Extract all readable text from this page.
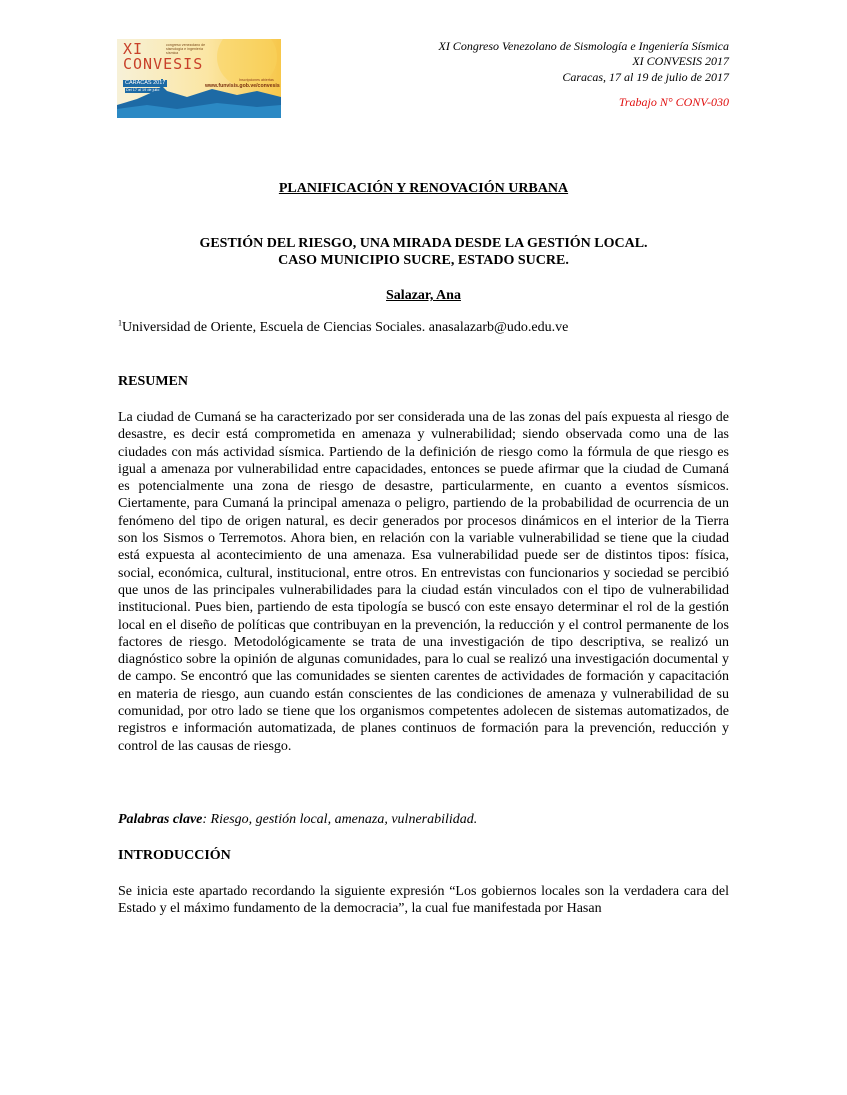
XI
CONVESIS
congreso venezolano de sismología e ingeniería sísmica
CARACAS 2017
Del 17 al 19 de julio
Inscripciones abiertas
www.funvisis.gob.ve/convesis
XI Congreso Venezolano de Sismología e Ingeniería Sísmica
XI CONVESIS 2017
Caracas, 17 al 19 de julio de 2017
Trabajo N° CONV-030
PLANIFICACIÓN Y RENOVACIÓN URBANA
GESTIÓN DEL RIESGO, UNA MIRADA DESDE LA GESTIÓN LOCAL.
CASO MUNICIPIO SUCRE, ESTADO SUCRE.
Salazar, Ana
$^1$Universidad de Oriente, Escuela de Ciencias Sociales. anasalazarb@udo.edu.ve
RESUMEN
La ciudad de Cumaná se ha caracterizado por ser considerada una de las zonas del país expuesta al riesgo de desastre, es decir está comprometida en amenaza y vulnerabilidad; siendo observada como una de las ciudades con más actividad sísmica. Partiendo de la definición de riesgo como la fórmula de que riesgo es igual a amenaza por vulnerabilidad entre capacidades, entonces se puede afirmar que la ciudad de Cumaná es potencialmente una zona de riesgo de desastre, particularmente, en cuanto a eventos sísmicos. Ciertamente, para Cumaná la principal amenaza o peligro, partiendo de la probabilidad de ocurrencia de un fenómeno del tipo de origen natural, es decir generados por procesos dinámicos en el interior de la Tierra son los Sismos o Terremotos. Ahora bien, en relación con la variable vulnerabilidad se tiene que la ciudad está expuesta al acontecimiento de una amenaza. Esa vulnerabilidad puede ser de distintos tipos: física, social, económica, cultural, institucional, entre otros. En entrevistas con funcionarios y sociedad se percibió que unos de las principales vulnerabilidades para la ciudad están vinculados con el tipo de vulnerabilidad institucional. Pues bien, partiendo de esta tipología se buscó con este ensayo determinar el rol de la gestión local en el diseño de políticas que contribuyan en la prevención, la reducción y el control permanente de los factores de riesgo. Metodológicamente se trata de una investigación de tipo descriptiva, se realizó un diagnóstico sobre la opinión de algunas comunidades, para lo cual se realizó una investigación documental y de campo. Se encontró que las comunidades se sienten carentes de actividades de formación y capacitación en materia de riesgo, aun cuando están conscientes de las condiciones de amenaza y vulnerabilidad de su comunidad, por otro lado se tiene que los organismos competentes adolecen de sistemas automatizados, de registros e información automatizada, de planes continuos de formación para la prevención, reducción y control de las causas de riesgo.
Palabras clave: Riesgo, gestión local, amenaza, vulnerabilidad.
INTRODUCCIÓN
Se inicia este apartado recordando la siguiente expresión “Los gobiernos locales son la verdadera cara del Estado y el máximo fundamento de la democracia”, la cual fue manifestada por Hasan
